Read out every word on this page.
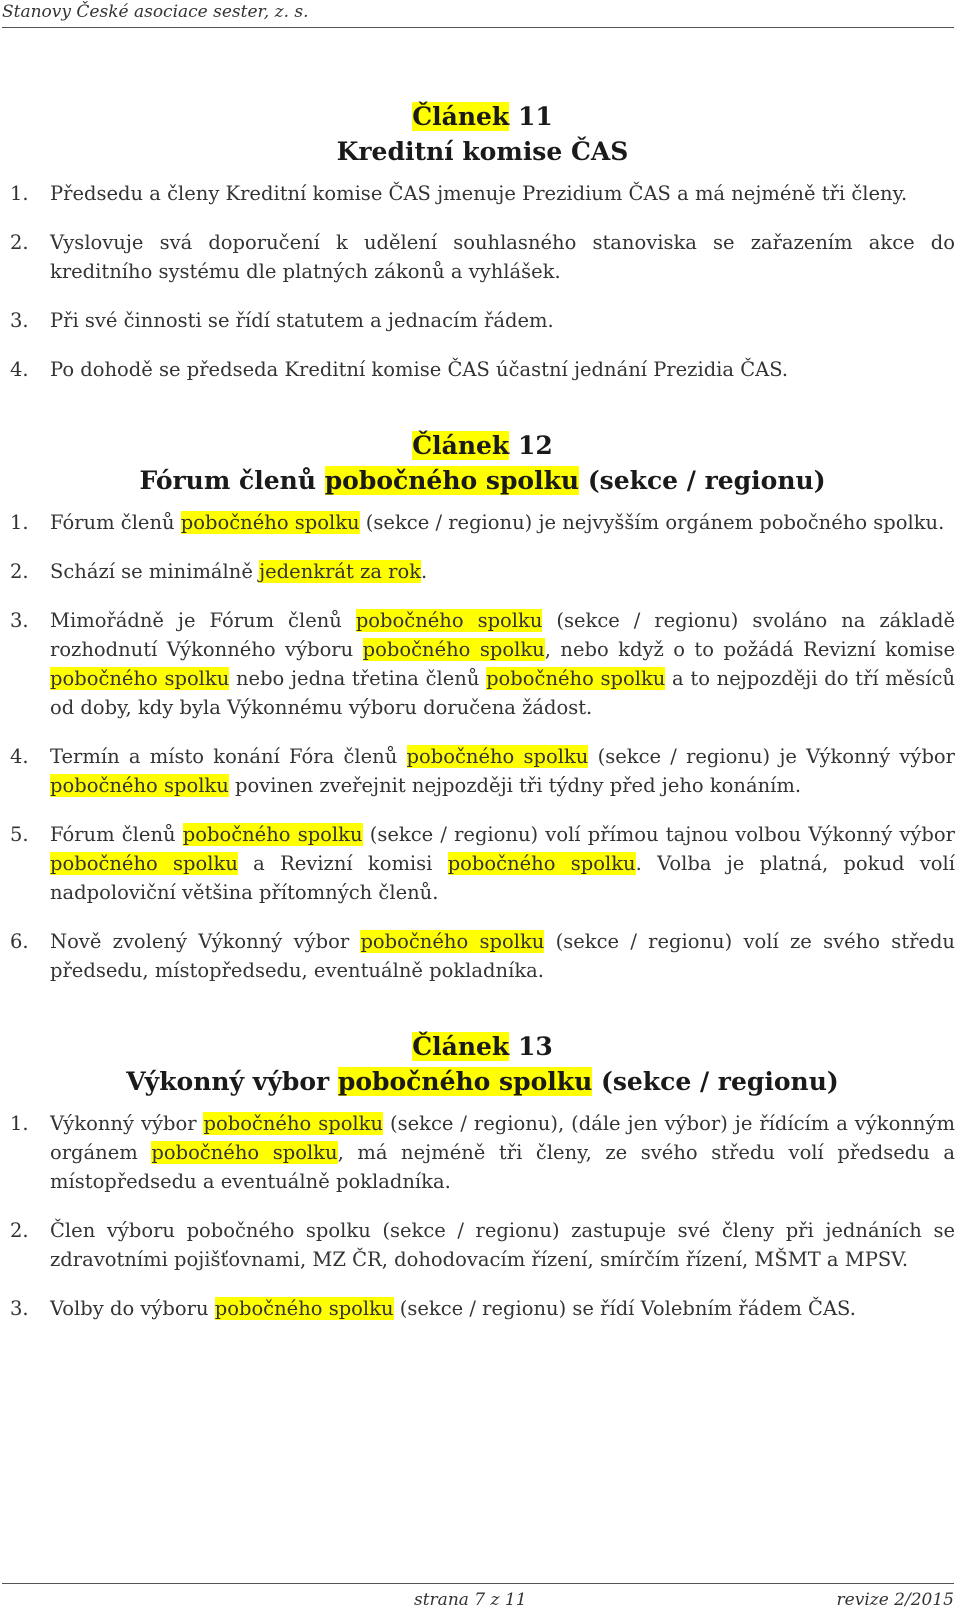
Stanovy České asociace sester, z. s.
Článek 11
Kreditní komise ČAS
1.	Předsedu a členy Kreditní komise ČAS jmenuje Prezidium ČAS a má nejméně tři členy.
2.	Vyslovuje svá doporučení k udělení souhlasného stanoviska se zařazením akce do kreditního systému dle platných zákonů a vyhlášek.
3.	Při své činnosti se řídí statutem a jednacím řádem.
4.	Po dohodě se předseda Kreditní komise ČAS účastní jednání Prezidia ČAS.
Článek 12
Fórum členů pobočného spolku (sekce / regionu)
1.	Fórum členů pobočného spolku (sekce / regionu) je nejvyšším orgánem pobočného spolku.
2.	Schází se minimálně jedenkrát za rok.
3.	Mimořádně je Fórum členů pobočného spolku (sekce / regionu) svoláno na základě rozhodnutí Výkonného výboru pobočného spolku, nebo když o to požádá Revizní komise pobočného spolku nebo jedna třetina členů pobočného spolku a to nejpozději do tří měsíců od doby, kdy byla Výkonnému výboru doručena žádost.
4.	Termín a místo konání Fóra členů pobočného spolku (sekce / regionu) je Výkonný výbor pobočného spolku povinen zveřejnit nejpozději tři týdny před jeho konáním.
5.	Fórum členů pobočného spolku (sekce / regionu) volí přímou tajnou volbou Výkonný výbor pobočného spolku a Revizní komisi pobočného spolku. Volba je platná, pokud volí nadpoloviční většina přítomných členů.
6.	Nově zvolený Výkonný výbor pobočného spolku (sekce / regionu) volí ze svého středu předsedu, místopředsedu, eventuálně pokladníka.
Článek 13
Výkonný výbor pobočného spolku (sekce / regionu)
1.	Výkonný výbor pobočného spolku (sekce / regionu), (dále jen výbor) je řídícím a výkonným orgánem pobočného spolku, má nejméně tři členy, ze svého středu volí předsedu a místopředsedu a eventuálně pokladníka.
2.	Člen výboru pobočného spolku (sekce / regionu) zastupuje své členy při jednáních se zdravotními pojišťovnami, MZ ČR, dohodovacím řízení, smírčím řízení, MŠMT a MPSV.
3.	Volby do výboru pobočného spolku (sekce / regionu) se řídí Volebním řádem ČAS.
strana 7 z 11	revize 2/2015
